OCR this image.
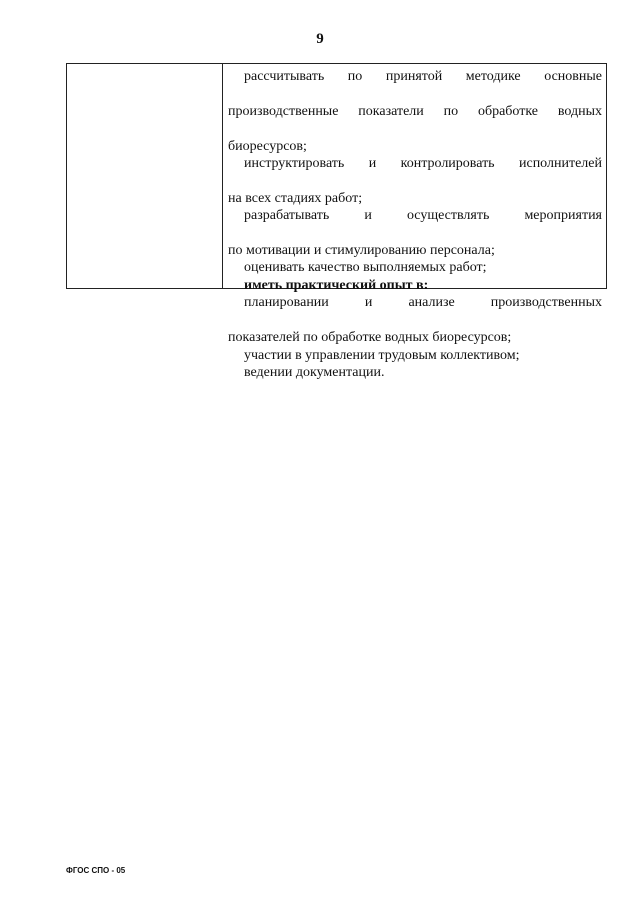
9

рассчитывать по принятой методике основные

производственные показатели по обработке водных

биоресурсов;

инструктировать и контролировать исполнителей

на всех стадиях работ;

разрабатывать и осуществлять мероприятия

по мотивации и стимулированию персонала;

оценивать качество выполняемых работ;

иметь практический опыт в:

планировании и анализе производственных

показателей по обработке водных биоресурсов;

участии в управлении трудовым коллективом;

ведении документации.

ФГОС СПО - 05
